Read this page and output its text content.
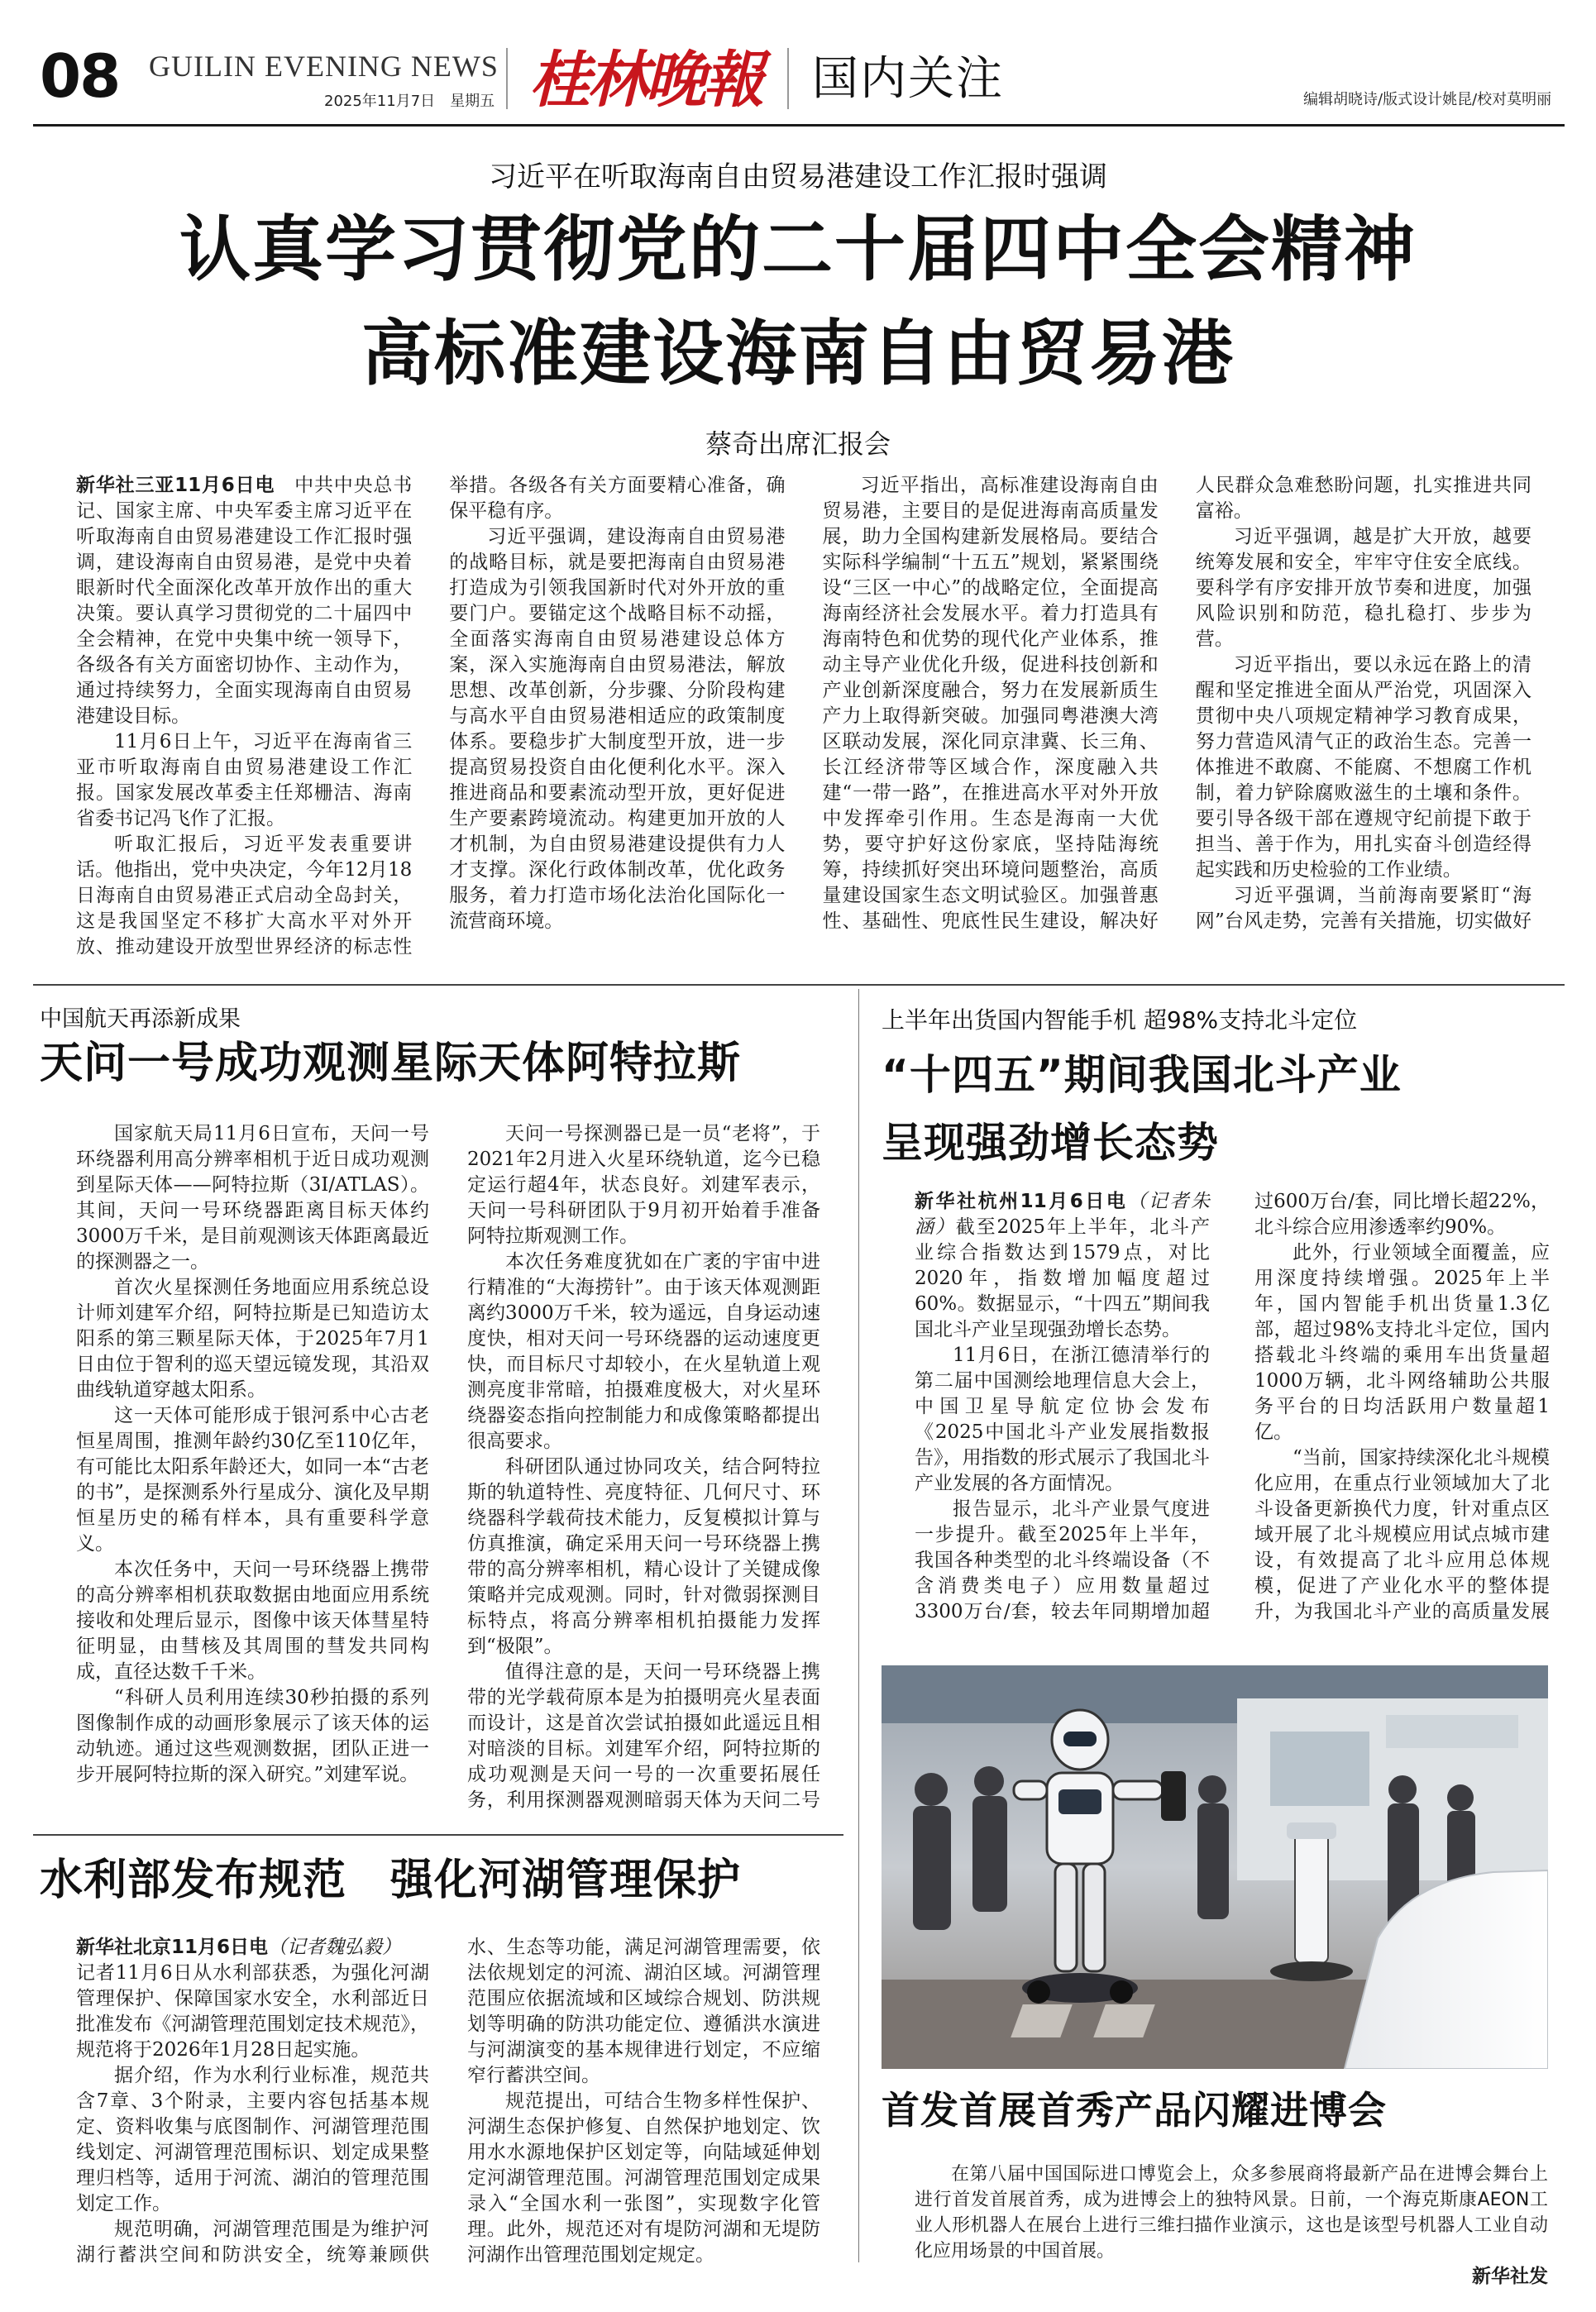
08 GUILIN EVENING NEWS
2025年11月7日　星期五 桂林晚報 国内关注	编辑胡晓诗/版式设计姚昆/校对莫明丽
习近平在听取海南自由贸易港建设工作汇报时强调
认真学习贯彻党的二十届四中全会精神
高标准建设海南自由贸易港
蔡奇出席汇报会

新华社三亚11月6日电　 中共中央总书记、国家主席、中央军委主席习近平在听取海南自由贸易港建设工作汇报时强调，建设海南自由贸易港，是党中央着眼新时代全面深化改革开放作出的重大决策。要认真学习贯彻党的二十届四中全会精神，在党中央集中统一领导下，各级各有关方面密切协作、主动作为，通过持续努力，全面实现海南自由贸易港建设目标。

11月6日上午，习近平在海南省三亚市听取海南自由贸易港建设工作汇报。国家发展改革委主任郑栅洁、海南省委书记冯飞作了汇报。

听取汇报后，习近平发表重要讲话。他指出，党中央决定，今年12月18日海南自由贸易港正式启动全岛封关，这是我国坚定不移扩大高水平对外开放、推动建设开放型世界经济的标志性举措。各级各有关方面要精心准备，确保平稳有序。

习近平强调，建设海南自由贸易港的战略目标，就是要把海南自由贸易港打造成为引领我国新时代对外开放的重要门户。要锚定这个战略目标不动摇，全面落实海南自由贸易港建设总体方案，深入实施海南自由贸易港法，解放思想、改革创新，分步骤、分阶段构建与高水平自由贸易港相适应的政策制度体系。要稳步扩大制度型开放，进一步提高贸易投资自由化便利化水平。深入推进商品和要素流动型开放，更好促进生产要素跨境流动。构建更加开放的人才机制，为自由贸易港建设提供有力人才支撑。深化行政体制改革，优化政务服务，着力打造市场化法治化国际化一流营商环境。

习近平指出，高标准建设海南自由贸易港，主要目的是促进海南高质量发展，助力全国构建新发展格局。要结合实际科学编制“十五五”规划，紧紧围绕设“三区一中心”的战略定位，全面提高海南经济社会发展水平。着力打造具有海南特色和优势的现代化产业体系，推动主导产业优化升级，促进科技创新和产业创新深度融合，努力在发展新质生产力上取得新突破。加强同粤港澳大湾区联动发展，深化同京津冀、长三角、长江经济带等区域合作，深度融入共建“一带一路”，在推进高水平对外开放中发挥牵引作用。生态是海南一大优势，要守护好这份家底，坚持陆海统筹，持续抓好突出环境问题整治，高质量建设国家生态文明试验区。加强普惠性、基础性、兜底性民生建设，解决好人民群众急难愁盼问题，扎实推进共同富裕。

习近平强调，越是扩大开放，越要统筹发展和安全，牢牢守住安全底线。要科学有序安排开放节奏和进度，加强风险识别和防范，稳扎稳打、步步为营。

习近平指出，要以永远在路上的清醒和坚定推进全面从严治党，巩固深入贯彻中央八项规定精神学习教育成果，努力营造风清气正的政治生态。完善一体推进不敢腐、不能腐、不想腐工作机制，着力铲除腐败滋生的土壤和条件。要引导各级干部在遵规守纪前提下敢于担当、善于作为，用扎实奋斗创造经得起实践和历史检验的工作业绩。

习近平强调，当前海南要紧盯“海网”台风走势，完善有关措施，切实做好

中国航天再添新成果
天问一号成功观测星际天体阿特拉斯

国家航天局11月6日宣布，天问一号环绕器利用高分辨率相机于近日成功观测到星际天体——阿特拉斯（3I/ATLAS）。其间，天问一号环绕器距离目标天体约3000万千米，是目前观测该天体距离最近的探测器之一。

首次火星探测任务地面应用系统总设计师刘建军介绍，阿特拉斯是已知造访太阳系的第三颗星际天体，于2025年7月1日由位于智利的巡天望远镜发现，其沿双曲线轨道穿越太阳系。

这一天体可能形成于银河系中心古老恒星周围，推测年龄约30亿至110亿年，有可能比太阳系年龄还大，如同一本“古老的书”，是探测系外行星成分、演化及早期恒星历史的稀有样本，具有重要科学意义。

本次任务中，天问一号环绕器上携带的高分辨率相机获取数据由地面应用系统接收和处理后显示，图像中该天体彗星特征明显，由彗核及其周围的彗发共同构成，直径达数千千米。

“科研人员利用连续30秒拍摄的系列图像制作成的动画形象展示了该天体的运动轨迹。通过这些观测数据，团队正进一步开展阿特拉斯的深入研究。”刘建军说。

天问一号探测器已是一员“老将”，于2021年2月进入火星环绕轨道，迄今已稳定运行超4年，状态良好。刘建军表示，天问一号科研团队于9月初开始着手准备阿特拉斯观测工作。

本次任务难度犹如在广袤的宇宙中进行精准的“大海捞针”。由于该天体观测距离约3000万千米，较为遥远，自身运动速度快，相对天问一号环绕器的运动速度更快，而目标尺寸却较小，在火星轨道上观测亮度非常暗，拍摄难度极大，对火星环绕器姿态指向控制能力和成像策略都提出很高要求。

科研团队通过协同攻关，结合阿特拉斯的轨道特性、亮度特征、几何尺寸、环绕器科学载荷技术能力，反复模拟计算与仿真推演，确定采用天问一号环绕器上携带的高分辨率相机，精心设计了关键成像策略并完成观测。同时，针对微弱探测目标特点，将高分辨率相机拍摄能力发挥到“极限”。

值得注意的是，天问一号环绕器上携带的光学载荷原本是为拍摄明亮火星表面而设计，这是首次尝试拍摄如此遥远且相对暗淡的目标。刘建军介绍，阿特拉斯的成功观测是天问一号的一次重要拓展任务，利用探测器观测暗弱天体为天问二号

上半年出货国内智能手机 超98%支持北斗定位
“十四五”期间我国北斗产业
呈现强劲增长态势

新华社杭州11月6日电（记者朱涵）截至2025年上半年，北斗产业综合指数达到1579点，对比2020年，指数增加幅度超过60%。数据显示，“十四五”期间我国北斗产业呈现强劲增长态势。

11月6日，在浙江德清举行的第二届中国测绘地理信息大会上，中国卫星导航定位协会发布《2025中国北斗产业发展指数报告》，用指数的形式展示了我国北斗产业发展的各方面情况。

报告显示，北斗产业景气度进一步提升。截至2025年上半年，我国各种类型的北斗终端设备（不含消费类电子）应用数量超过3300万台/套，较去年同期增加超过600万台/套，同比增长超22%，北斗综合应用渗透率约90%。

此外，行业领域全面覆盖，应用深度持续增强。2025年上半年，国内智能手机出货量1.3亿部，超过98%支持北斗定位，国内搭载北斗终端的乘用车出货量超1000万辆，北斗网络辅助公共服务平台的日均活跃用户数量超1亿。

“当前，国家持续深化北斗规模化应用，在重点行业领域加大了北斗设备更新换代力度，针对重点区域开展了北斗规模应用试点城市建设，有效提高了北斗应用总体规模，促进了产业化水平的整体提升，为我国北斗产业的高质量发展

首发首展首秀产品闪耀进博会

在第八届中国国际进口博览会上，众多参展商将最新产品在进博会舞台上进行首发首展首秀，成为进博会上的独特风景。日前，一个海克斯康AEON工业人形机器人在展台上进行三维扫描作业演示，这也是该型号机器人工业自动化应用场景的中国首展。

新华社发
水利部发布规范　强化河湖管理保护

新华社北京11月6日电（记者魏弘毅）
记者11月6日从水利部获悉，为强化河湖管理保护、保障国家水安全，水利部近日批准发布《河湖管理范围划定技术规范》，规范将于2026年1月28日起实施。

据介绍，作为水利行业标准，规范共含7章、3个附录，主要内容包括基本规定、资料收集与底图制作、河湖管理范围线划定、河湖管理范围标识、划定成果整理归档等，适用于河流、湖泊的管理范围划定工作。

规范明确，河湖管理范围是为维护河湖行蓄洪空间和防洪安全，统筹兼顾供水、生态等功能，满足河湖管理需要，依法依规划定的河流、湖泊区域。河湖管理范围应依据流域和区域综合规划、防洪规划等明确的防洪功能定位、遵循洪水演进与河湖演变的基本规律进行划定，不应缩窄行蓄洪空间。

规范提出，可结合生物多样性保护、河湖生态保护修复、自然保护地划定、饮用水水源地保护区划定等，向陆域延伸划定河湖管理范围。河湖管理范围划定成果录入“全国水利一张图”，实现数字化管理。此外，规范还对有堤防河湖和无堤防河湖作出管理范围划定规定。
